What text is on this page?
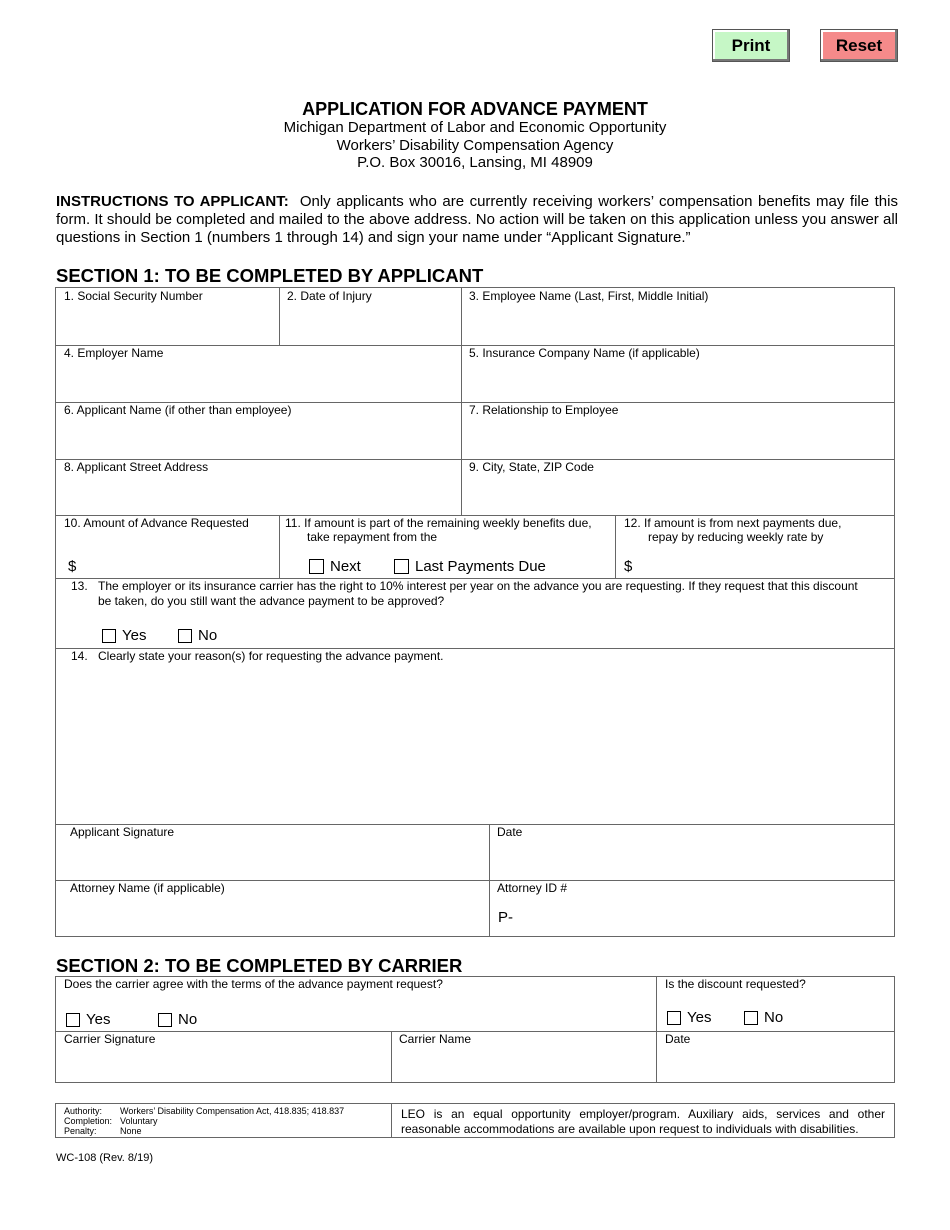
Print	Reset
APPLICATION FOR ADVANCE PAYMENT
Michigan Department of Labor and Economic Opportunity
Workers’ Disability Compensation Agency
P.O. Box 30016, Lansing, MI 48909
INSTRUCTIONS TO APPLICANT: Only applicants who are currently receiving workers’ compensation benefits may file this form. It should be completed and mailed to the above address. No action will be taken on this application unless you answer all questions in Section 1 (numbers 1 through 14) and sign your name under “Applicant Signature.”
SECTION 1: TO BE COMPLETED BY APPLICANT
1. Social Security Number	2. Date of Injury	3. Employee Name (Last, First, Middle Initial)
4. Employer Name	5. Insurance Company Name (if applicable)
6. Applicant Name (if other than employee)	7. Relationship to Employee
8. Applicant Street Address	9. City, State, ZIP Code
10. Amount of Advance Requested
$
11. If amount is part of the remaining weekly benefits due,
take repayment from the
Next	Last Payments Due
12. If amount is from next payments due,
repay by reducing weekly rate by
$
13. The employer or its insurance carrier has the right to 10% interest per year on the advance you are requesting. If they request that this discount be taken, do you still want the advance payment to be approved?
Yes	No
14. Clearly state your reason(s) for requesting the advance payment.
Applicant Signature	Date
Attorney Name (if applicable)	Attorney ID #
P-
SECTION 2: TO BE COMPLETED BY CARRIER
Does the carrier agree with the terms of the advance payment request?
Yes	No
Is the discount requested?
Yes	No
Carrier Signature	Carrier Name	Date
Authority: Workers’ Disability Compensation Act, 418.835; 418.837
Completion: Voluntary
Penalty:	None
LEO is an equal opportunity employer/program. Auxiliary aids, services and other reasonable accommodations are available upon request to individuals with disabilities.
WC-108 (Rev. 8/19)
